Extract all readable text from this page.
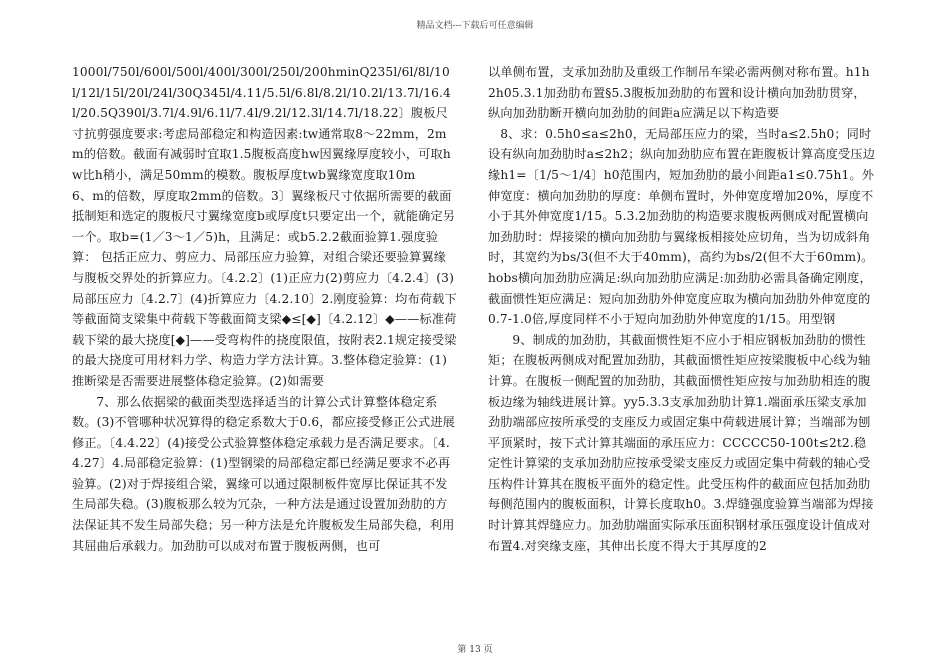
精品文档---下载后可任意编辑

1000l/750l/600l/500l/400l/300l/250l/200hminQ235l/6l/8l/10l/12l/15l/20l/24l/30Q345l/4.11/5.5l/6.8l/8.2l/10.2l/13.7l/16.4l/20.5Q390l/3.7l/4.9l/6.1l/7.4l/9.2l/12.3l/14.7l/18.22〕腹板尺寸抗剪强度要求:考虑局部稳定和构造因素:tw通常取8～22mm，2mm的倍数。截面有减弱时宜取1.5腹板高度hw因翼缘厚度较小，可取hw比h稍小，满足50mm的模数。腹板厚度twb翼缘宽度取10m

6、m的倍数，厚度取2mm的倍数。3〕翼缘板尺寸依据所需要的截面抵制矩和选定的腹板尺寸翼缘宽度b或厚度t只要定出一个，就能确定另一个。取b=(1／3～1／5)h，且满足：或b5.2.2截面验算1.强度验算： 包括正应力、剪应力、局部压应力验算，对组合梁还要验算翼缘与腹板交界处的折算应力。〔4.2.2〕(1)正应力(2)剪应力〔4.2.4〕(3)局部压应力〔4.2.7〕(4)折算应力〔4.2.10〕2.刚度验算：均布荷载下等截面简支梁集中荷载下等截面简支梁◆≤[◆]〔4.2.12〕◆——标准荷载下梁的最大挠度[◆]——受弯构件的挠度限值，按附表2.1规定接受梁的最大挠度可用材料力学、构造力学方法计算。3.整体稳定验算：(1)推断梁是否需要进展整体稳定验算。(2)如需要

7、那么依据梁的截面类型选择适当的计算公式计算整体稳定系数。(3)不管哪种状况算得的稳定系数大于0.6，都应接受修正公式进展修正。〔4.4.22〕(4)接受公式验算整体稳定承载力是否满足要求。〔4.4.27〕4.局部稳定验算：(1)型钢梁的局部稳定都已经满足要求不必再验算。(2)对于焊接组合梁，翼缘可以通过限制板件宽厚比保证其不发生局部失稳。(3)腹板那么较为冗杂，一种方法是通过设置加劲肋的方法保证其不发生局部失稳；另一种方法是允许腹板发生局部失稳，利用其屈曲后承载力。加劲肋可以成对布置于腹板两侧，也可

以单侧布置，支承加劲肋及重级工作制吊车梁必需两侧对称布置。h1h2h05.3.1加劲肋布置§5.3腹板加劲肋的布置和设计横向加劲肋贯穿，纵向加劲肋断开横向加劲肋的间距a应满足以下构造要

8、求：0.5h0≤a≤2h0，无局部压应力的梁，当时a≤2.5h0；同时设有纵向加劲肋时a≤2h2；纵向加劲肋应布置在距腹板计算高度受压边缘h1=〔1/5～1/4〕h0范围内，短加劲肋的最小间距a1≤0.75h1。外伸宽度：横向加劲肋的厚度：单侧布置时，外伸宽度增加20%，厚度不小于其外伸宽度1/15。5.3.2加劲肋的构造要求腹板两侧成对配置横向加劲肋时：焊接梁的横向加劲肋与翼缘板相接处应切角，当为切成斜角时，其宽约为bs/3(但不大于40mm)，高约为bs/2(但不大于60mm)。hobs横向加劲肋应满足:纵向加劲肋应满足:加劲肋必需具备确定刚度，截面惯性矩应满足：短向加劲肋外伸宽度应取为横向加劲肋外伸宽度的0.7-1.0倍,厚度同样不小于短向加劲肋外伸宽度的1/15。用型钢

9、制成的加劲肋，其截面惯性矩不应小于相应钢板加劲肋的惯性矩；在腹板两侧成对配置加劲肋，其截面惯性矩应按梁腹板中心线为轴计算。在腹板一侧配置的加劲肋，其截面惯性矩应按与加劲肋相连的腹板边缘为轴线进展计算。yy5.3.3支承加劲肋计算1.端面承压梁支承加劲肋端部应按所承受的支座反力或固定集中荷载进展计算；当端部为刨平顶紧时，按下式计算其端面的承压应力：CCCCC50-100t≤2t2.稳定性计算梁的支承加劲肋应按承受梁支座反力或固定集中荷载的轴心受压构件计算其在腹板平面外的稳定性。此受压构件的截面应包括加劲肋每侧范围内的腹板面积，计算长度取h0。3.焊缝强度验算当端部为焊接时计算其焊缝应力。加劲肋端面实际承压面积钢材承压强度设计值成对布置4.对突缘支座，其伸出长度不得大于其厚度的2

第 13 页
